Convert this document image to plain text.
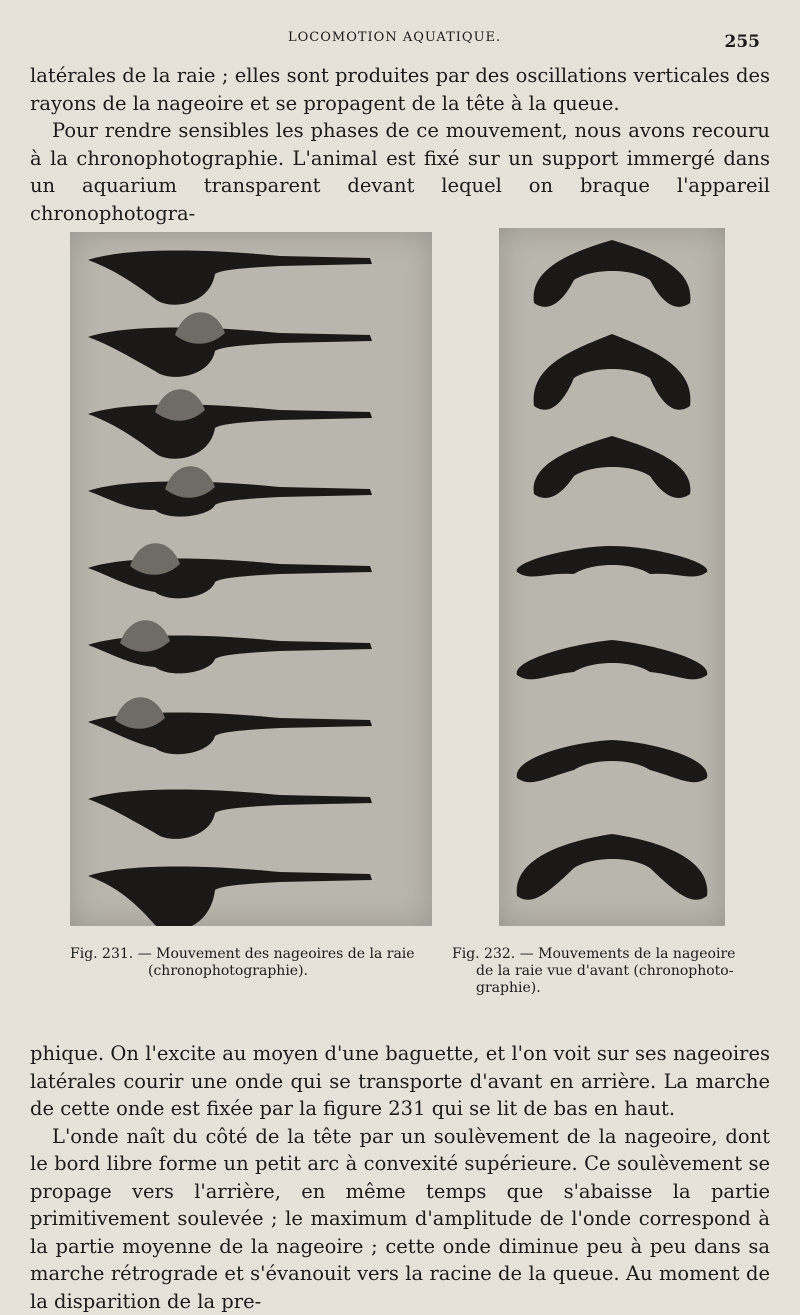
LOCOMOTION AQUATIQUE.	255

latérales de la raie ; elles sont produites par des oscillations verticales des rayons de la nageoire et se propagent de la tête à la queue.

Pour rendre sensibles les phases de ce mouvement, nous avons recouru à la chronophotographie. L'animal est fixé sur un support immergé dans un aquarium transparent devant lequel on braque l'appareil chronophotogra-

Fig. 231. — Mouvement des nageoires de la raie
(chronophotographie).
Fig. 232. — Mouvements de la nageoire
de la raie vue d'avant (chronophoto-
graphie).

phique. On l'excite au moyen d'une baguette, et l'on voit sur ses nageoires latérales courir une onde qui se transporte d'avant en arrière. La marche de cette onde est fixée par la figure 231 qui se lit de bas en haut.

L'onde naît du côté de la tête par un soulèvement de la nageoire, dont le bord libre forme un petit arc à convexité supérieure. Ce soulèvement se propage vers l'arrière, en même temps que s'abaisse la partie primitivement soulevée ; le maximum d'amplitude de l'onde correspond à la partie moyenne de la nageoire ; cette onde diminue peu à peu dans sa marche rétrograde et s'évanouit vers la racine de la queue. Au moment de la disparition de la pre-
